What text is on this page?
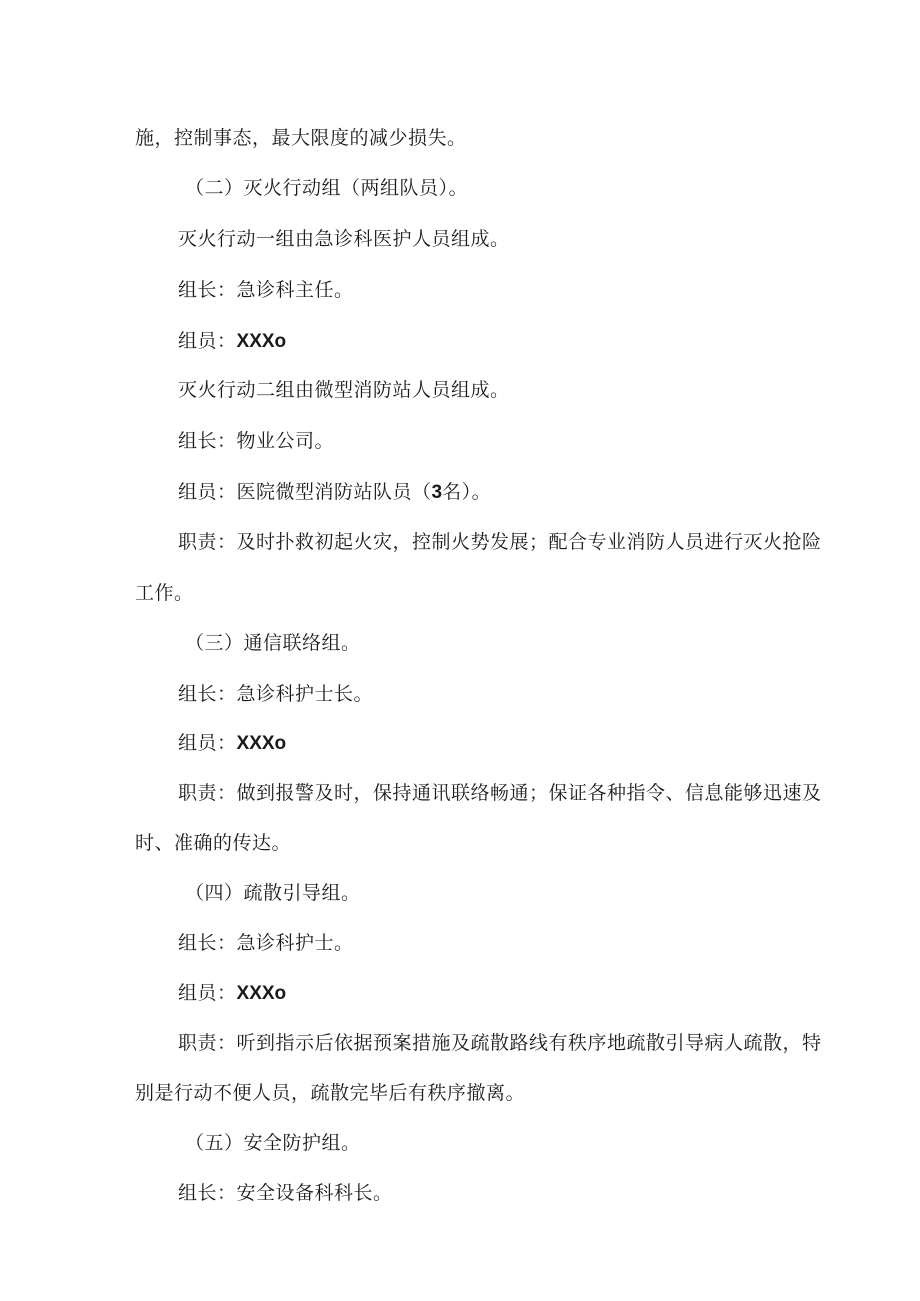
施，控制事态，最大限度的减少损失。
（二）灭火行动组（两组队员）。
灭火行动一组由急诊科医护人员组成。
组长：急诊科主任。
组员：XXXo
灭火行动二组由微型消防站人员组成。
组长：物业公司。
组员：医院微型消防站队员（3名）。
职责：及时扑救初起火灾，控制火势发展；配合专业消防人员进行灭火抢险
工作。
（三）通信联络组。
组长：急诊科护士长。
组员：XXXo
职责：做到报警及时，保持通讯联络畅通；保证各种指令、信息能够迅速及
时、准确的传达。
（四）疏散引导组。
组长：急诊科护士。
组员：XXXo
职责：听到指示后依据预案措施及疏散路线有秩序地疏散引导病人疏散，特
别是行动不便人员，疏散完毕后有秩序撤离。
（五）安全防护组。
组长：安全设备科科长。
